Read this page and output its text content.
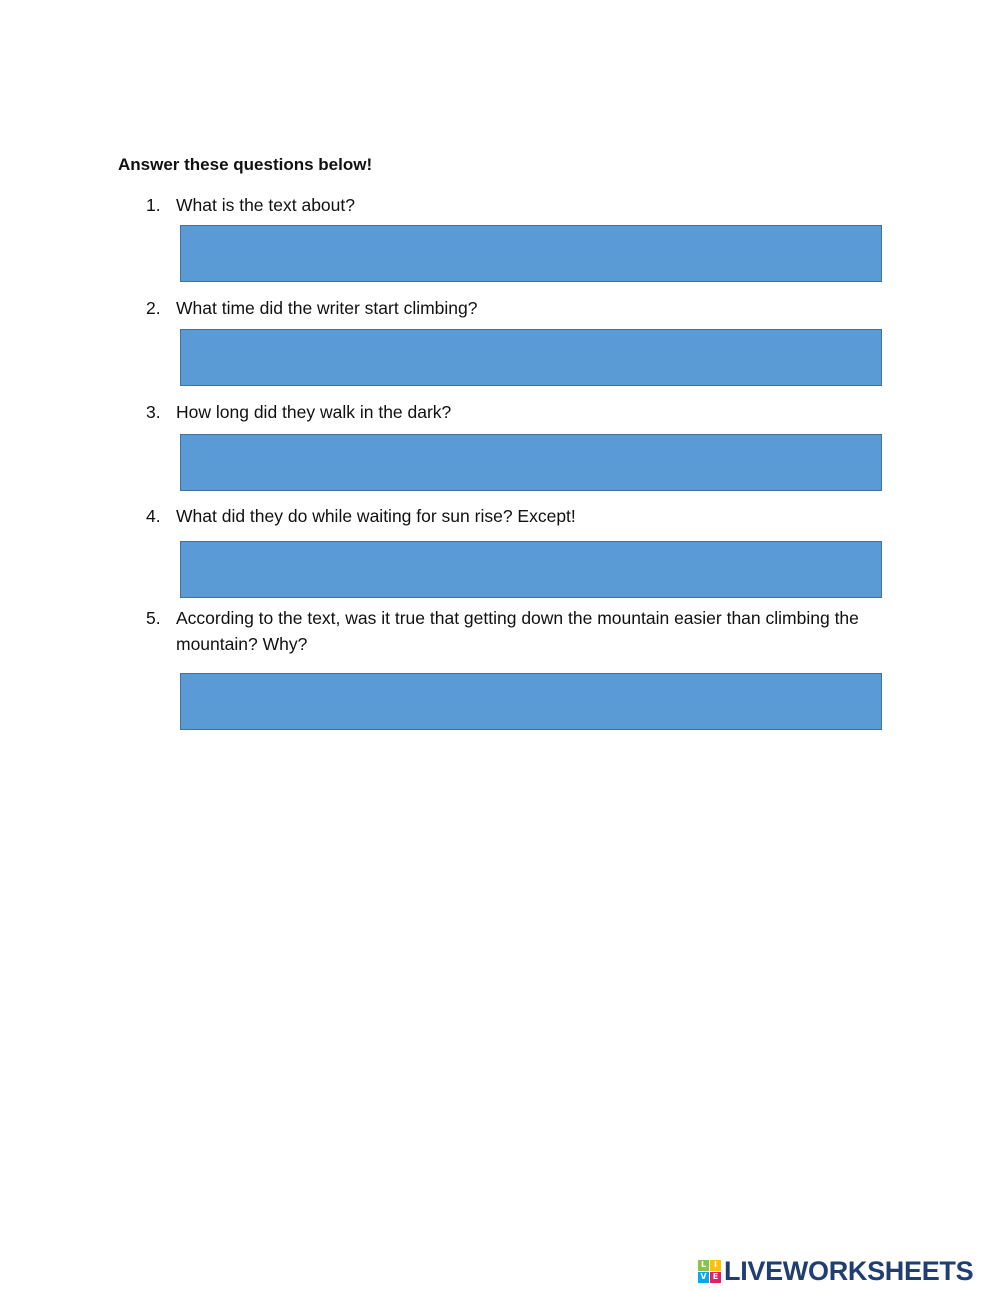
Answer these questions below!
1. What is the text about?
2. What time did the writer start climbing?
3. How long did they walk in the dark?
4. What did they do while waiting for sun rise? Except!
5. According to the text, was it true that getting down the mountain easier than climbing the mountain? Why?
L I
V E LIVEWORKSHEETS
